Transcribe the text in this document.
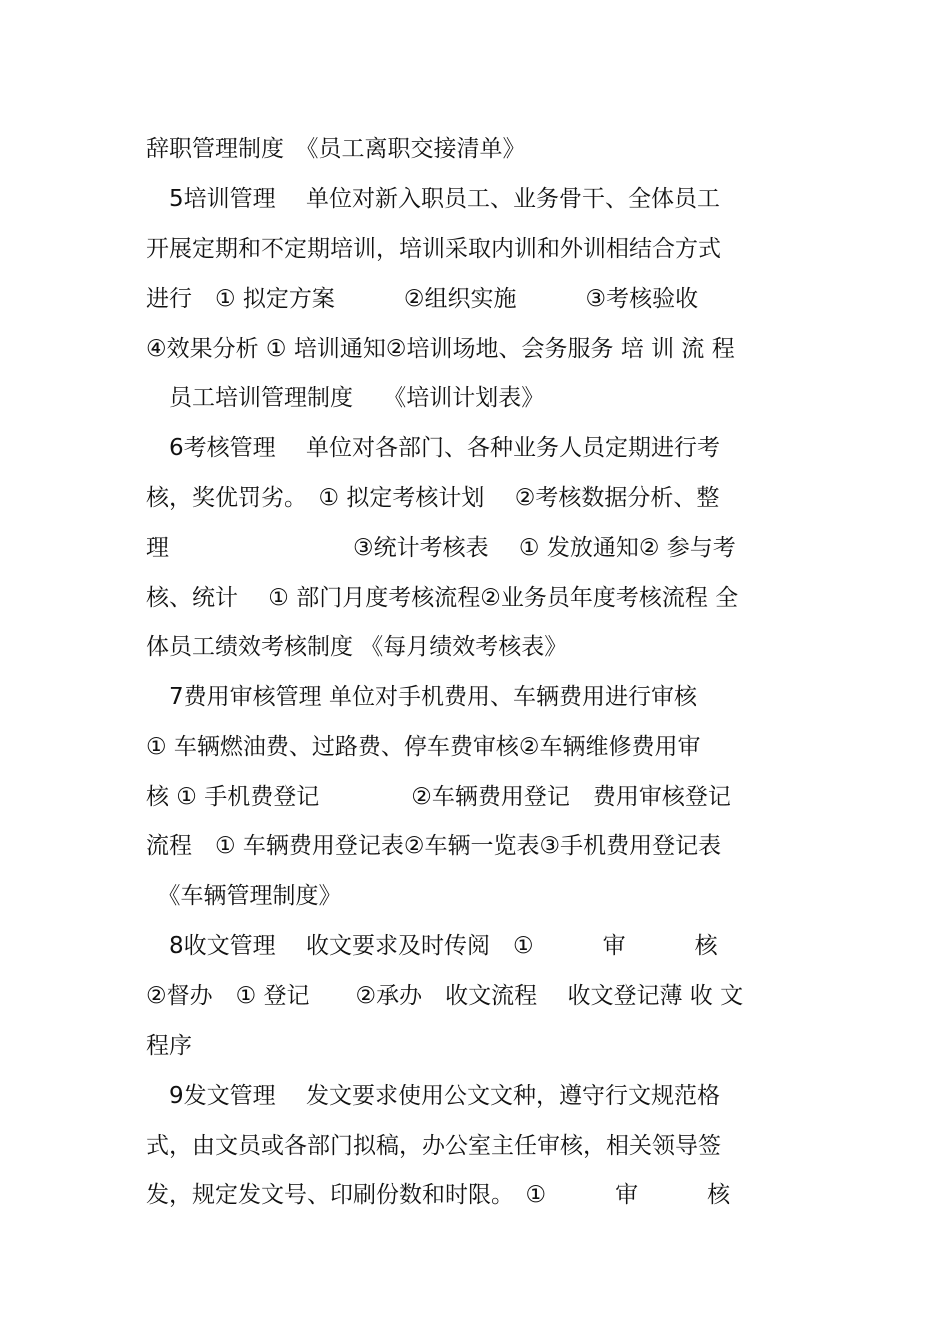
辞职管理制度　《员工离职交接清单》
　5培训管理　 单位对新入职员工、业务骨干、全体员工
开展定期和不定期培训，培训采取内训和外训相结合方式
进行　① 拟定方案　　　②组织实施　　　③考核验收
④效果分析 ① 培训通知②培训场地、会务服务 培 训 流 程
　员工培训管理制度　 《培训计划表》
　6考核管理　 单位对各部门、各种业务人员定期进行考
核，奖优罚劣。　① 拟定考核计划　 ②考核数据分析、整
理　　　　　　　　③统计考核表　 ① 发放通知② 参与考
核、统计　 ① 部门月度考核流程②业务员年度考核流程 全
体员工绩效考核制度 《每月绩效考核表》
　7费用审核管理 单位对手机费用、车辆费用进行审核
① 车辆燃油费、过路费、停车费审核②车辆维修费用审
核 ① 手机费登记　　　　②车辆费用登记　费用审核登记
流程　① 车辆费用登记表②车辆一览表③手机费用登记表
　《车辆管理制度》
　8收文管理　 收文要求及时传阅　①　　　审　　　核
②督办　① 登记　　②承办　收文流程　 收文登记薄 收 文
程序
　9发文管理　 发文要求使用公文文种，遵守行文规范格
式，由文员或各部门拟稿，办公室主任审核，相关领导签
发，规定发文号、印刷份数和时限。　①　　　审　　　核
